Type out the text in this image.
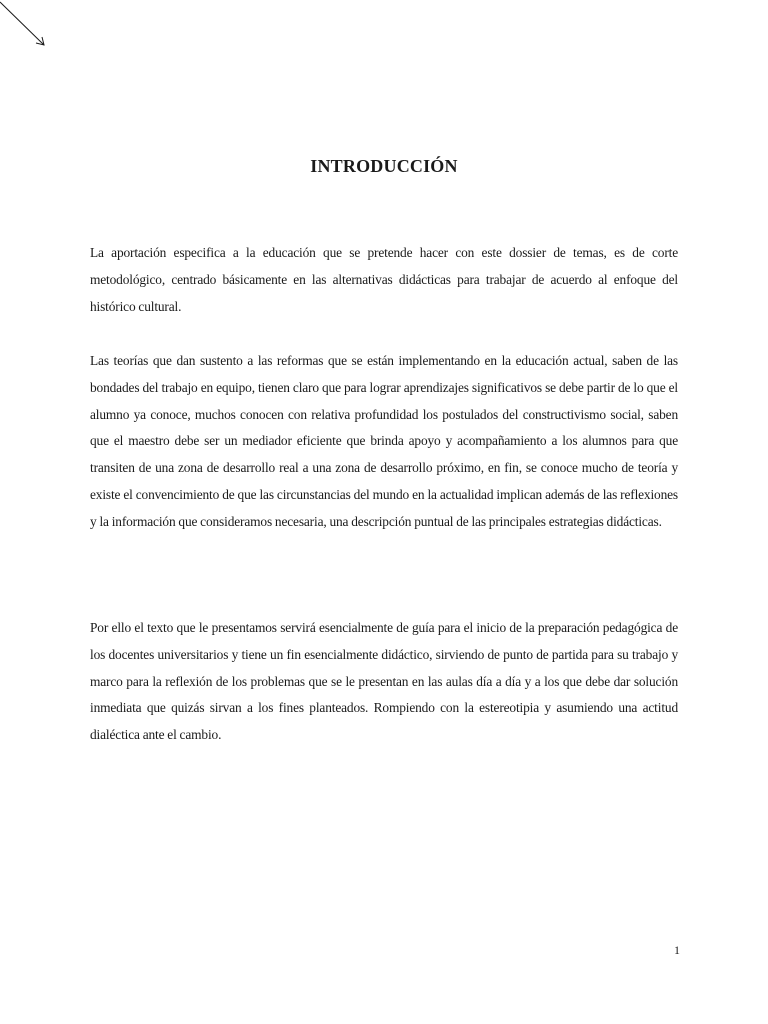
INTRODUCCIÓN

La aportación especifica a la educación que se pretende hacer con este dossier de temas, es de corte metodológico, centrado básicamente en las alternativas didácticas para trabajar de acuerdo al enfoque del histórico cultural.

Las teorías que dan sustento a las reformas que se están implementando en la educación actual, saben de las bondades del trabajo en equipo, tienen claro que para lograr aprendizajes significativos se debe partir de lo que el alumno ya conoce, muchos conocen con relativa profundidad los postulados del constructivismo social, saben que el maestro debe ser un mediador eficiente que brinda apoyo y acompañamiento a los alumnos para que transiten de una zona de desarrollo real a una zona de desarrollo próximo, en fin, se conoce mucho de teoría y existe el convencimiento de que las circunstancias del mundo en la actualidad implican además de las reflexiones y la información que consideramos necesaria, una descripción puntual de las principales estrategias didácticas.

Por ello el texto que le presentamos servirá esencialmente de guía para el inicio de la preparación pedagógica de los docentes universitarios y tiene un fin esencialmente didáctico, sirviendo de punto de partida para su trabajo y marco para la reflexión de los problemas que se le presentan en las aulas día a día y a los que debe dar solución inmediata que quizás sirvan a los fines planteados. Rompiendo con la estereotipia y asumiendo una actitud dialéctica ante el cambio.

1
